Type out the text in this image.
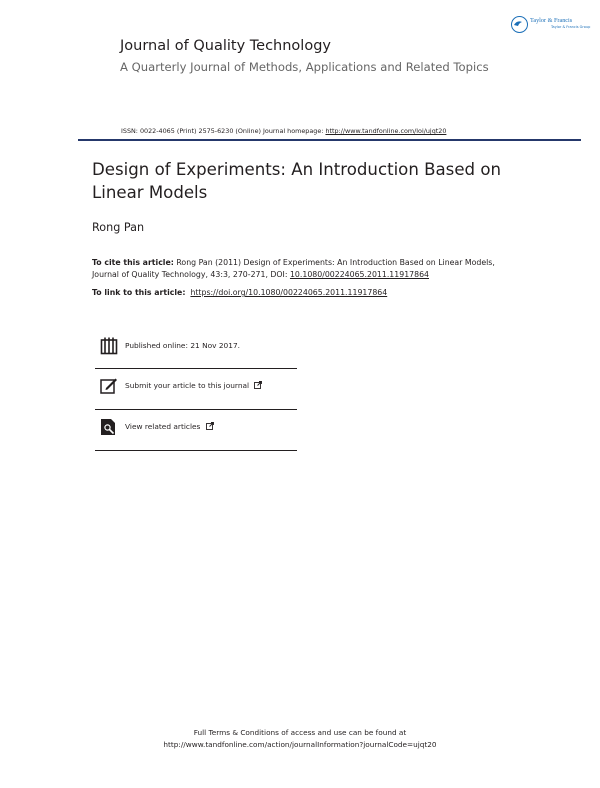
Taylor & Francis
Taylor & Francis Group
Journal of Quality Technology
A Quarterly Journal of Methods, Applications and Related Topics
ISSN: 0022-4065 (Print) 2575-6230 (Online) Journal homepage: http://www.tandfonline.com/loi/ujqt20
Design of Experiments: An Introduction Based on Linear Models
Rong Pan
To cite this article: Rong Pan (2011) Design of Experiments: An Introduction Based on Linear Models, Journal of Quality Technology, 43:3, 270-271, DOI: 10.1080/00224065.2011.11917864
To link to this article: https://doi.org/10.1080/00224065.2011.11917864
Published online: 21 Nov 2017.
Submit your article to this journal
View related articles
Full Terms & Conditions of access and use can be found at
http://www.tandfonline.com/action/journalInformation?journalCode=ujqt20
